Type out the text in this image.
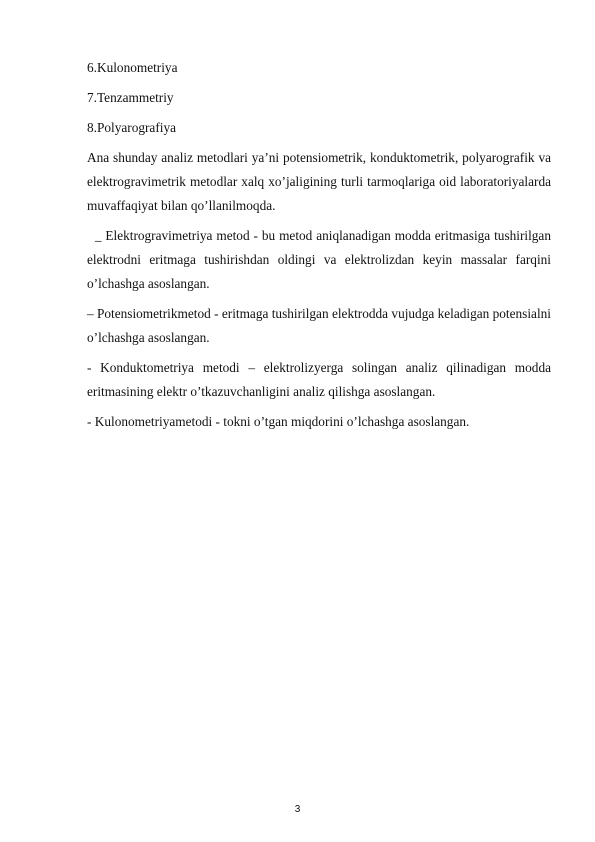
6.Kulonometriya

7.Tenzammetriy

8.Polyarografiya

Ana shunday analiz metodlari ya’ni potensiometrik, konduktometrik, polyarografik va elektrogravimetrik metodlar xalq xo’jaligining turli tarmoqlariga oid laboratoriyalarda muvaffaqiyat bilan qo’llanilmoqda.

_ Elektrogravimetriya metod - bu metod aniqlanadigan modda eritmasiga tushirilgan elektrodni eritmaga tushirishdan oldingi va elektrolizdan keyin massalar farqini o’lchashga asoslangan.

– Potensiometrikmetod - eritmaga tushirilgan elektrodda vujudga keladigan potensialni o’lchashga asoslangan.

- Konduktometriya metodi – elektrolizyerga solingan analiz qilinadigan modda eritmasining elektr o’tkazuvchanligini analiz qilishga asoslangan.

- Kulonometriyametodi - tokni o’tgan miqdorini o’lchashga asoslangan.

3
